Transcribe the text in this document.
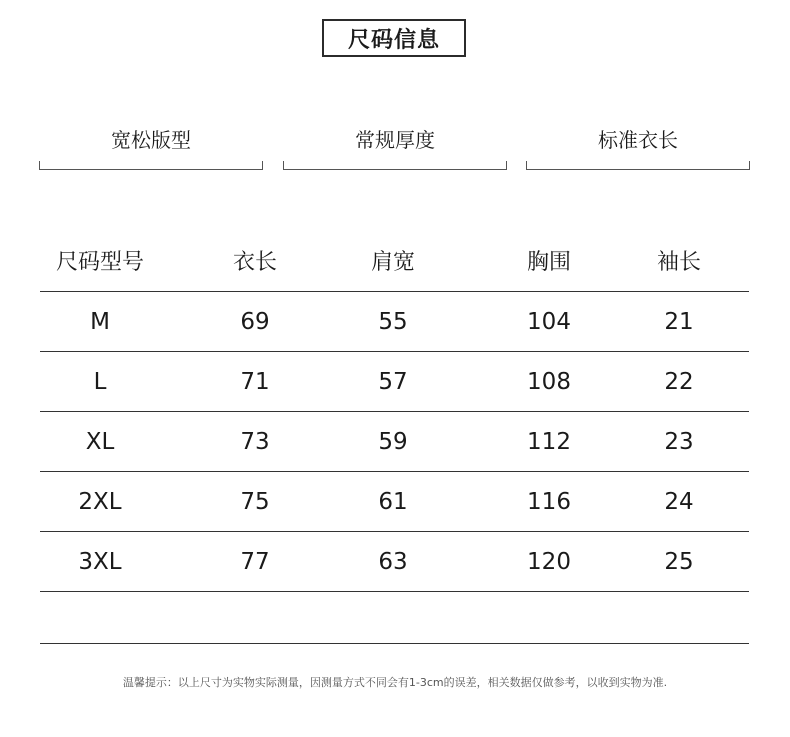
尺码信息
宽松版型	常规厚度	标准衣长
尺码型号	衣长	肩宽	胸围	袖长
M	69	55	104	21
L	71	57	108	22
XL	73	59	112	23
2XL	75	61	116	24
3XL	77	63	120	25
温馨提示：以上尺寸为实物实际测量，因测量方式不同会有1-3cm的误差，相关数据仅做参考，以收到实物为准.
